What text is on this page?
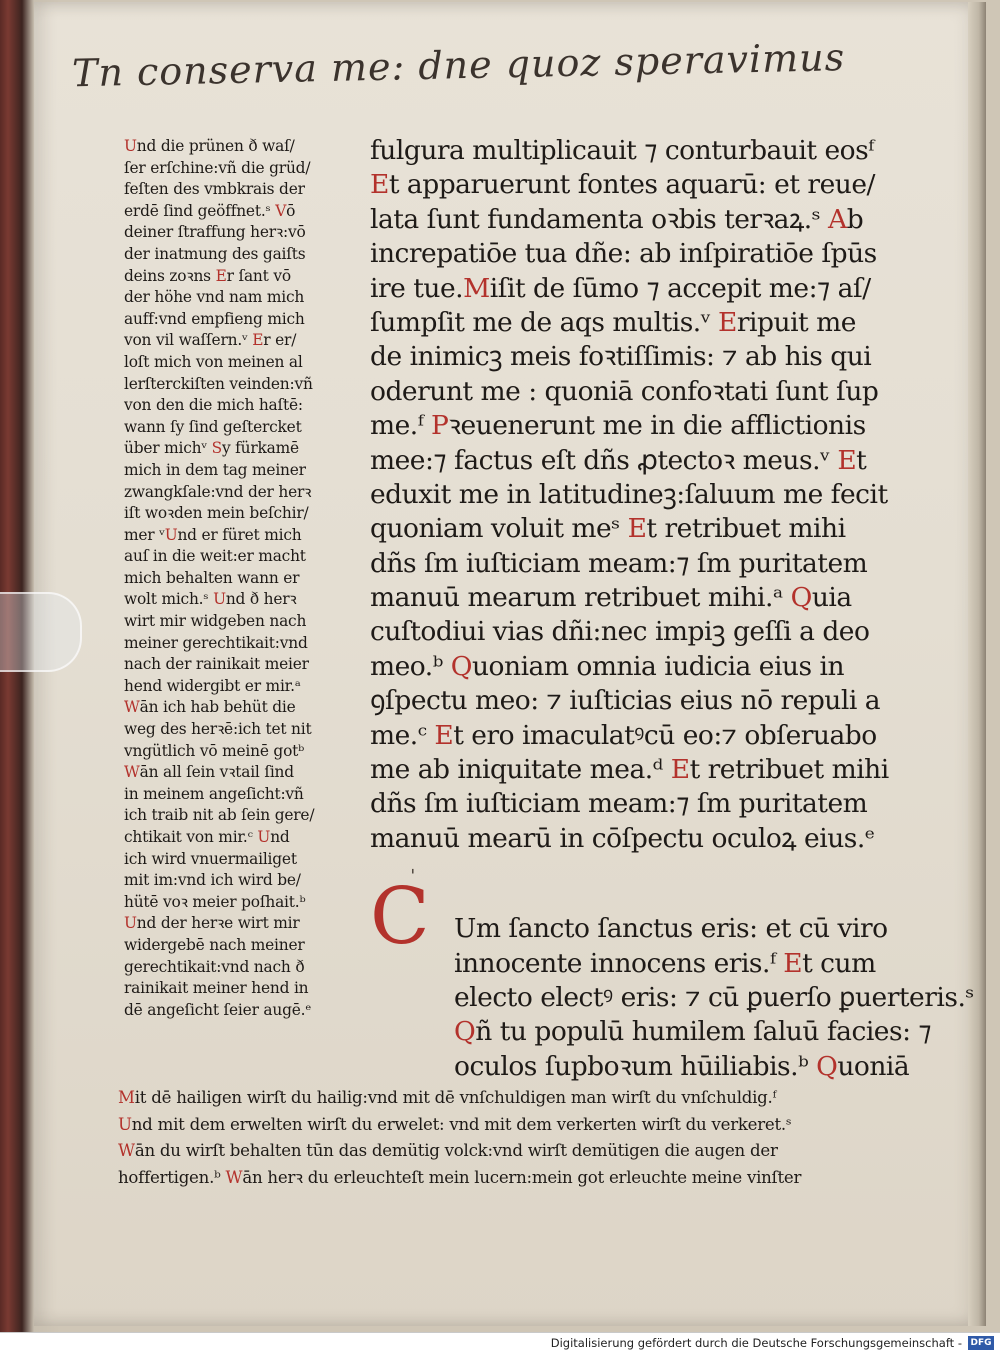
Tn conserva me: dne quoz speravimus
Und die prünen ð waſ/
ſer erſchine:vñ die grüd/
feſten des vmbkrais der
erdē ſind geöffnet.ˢ Vō
deiner ſtraffung herꝛ:vō
der inatmung des gaiſts
deins zoꝛns Er ſant vō
der höhe vnd nam mich
auff:vnd empfieng mich
von vil waſſern.ᵛ Er er/
loſt mich von meinen al
lerſterckiſten veinden:vñ
von den die mich haſtē:
wann ſy ſind geſtercket
über michᵛ Sy fürkamē
mich in dem tag meiner
zwangkſale:vnd der herꝛ
iſt woꝛden mein beſchir/
mer ᵛUnd er füret mich
auſ in die weit:er macht
mich behalten wann er
wolt mich.ˢ Und ð herꝛ
wirt mir widgeben nach
meiner gerechtikait:vnd
nach der rainikait meier
hend widergibt er mir.ᵃ
Wān ich hab behüt die
weg des herꝛē:ich tet nit
vngütlich vō meinē gotᵇ
Wān all ſein vꝛtail ſind
in meinem angeſicht:vñ
ich traib nit ab ſein gere/
chtikait von mir.ᶜ Und
ich wird vnuermailiget
mit im:vnd ich wird be/
hütē voꝛ meier poſhait.ᵇ
Und der herꝛe wirt mir
widergebē nach meiner
gerechtikait:vnd nach ð
rainikait meiner hend in
dē angeſicht ſeier augē.ᵉ
fulgura multiplicauit ⁊ conturbauit eosᶠ
Et apparuerunt fontes aquarū: et reue/
lata ſunt fundamenta oꝛbis terꝛaꝝ.ˢ Ab
increpatiōe tua dñe: ab inſpiratiōe ſpūs
ire tue.Miſit de ſūmo ⁊ accepit me:⁊ aſ/
ſumpſit me de aqs multis.ᵛ Eripuit me
de inimicꝫ meis foꝛtiſſimis: ⁊ ab his qui
oderunt me : quoniā confoꝛtati ſunt ſup
me.ᶠ Pꝛeuenerunt me in die afflictionis
mee:⁊ factus eſt dñs ꝓtectoꝛ meus.ᵛ Et
eduxit me in latitudineꝫ:ſaluum me fecit
quoniam voluit meˢ Et retribuet mihi
dñs ſm iuſticiam meam:⁊ ſm puritatem
manuū mearum retribuet mihi.ᵃ Quia
cuſtodiui vias dñi:nec impiꝫ geſſi a deo
meo.ᵇ Quoniam omnia iudicia eius in
ꝯſpectu meo: ⁊ iuſticias eius nō repuli a
me.ᶜ Et ero imaculatꝰcū eo:⁊ obſeruabo
me ab iniquitate mea.ᵈ Et retribuet mihi
dñs ſm iuſticiam meam:⁊ ſm puritatem
manuū mearū in cōſpectu oculoꝝ eius.ᵉ
Um ſancto ſanctus eris: et cū viro
innocente innocens eris.ᶠ Et cum
electo electꝰ eris: ⁊ cū ꝑuerſo ꝑuerteris.ˢ
Qñ tu populū humilem ſaluū facies: ⁊
oculos ſupboꝛum hūiliabis.ᵇ Quoniā
ˌ
C
Mit dē hailigen wirſt du hailig:vnd mit dē vnſchuldigen man wirſt du vnſchuldig.ᶠ
Und mit dem erwelten wirſt du erwelet: vnd mit dem verkerten wirſt du verkeret.ˢ
Wān du wirſt behalten tūn das demütig volck:vnd wirſt demütigen die augen der
hoffertigen.ᵇ Wān herꝛ du erleuchteſt mein lucern:mein got erleuchte meine vinſter
Digitalisierung gefördert durch die Deutsche Forschungsgemeinschaft - DFG
